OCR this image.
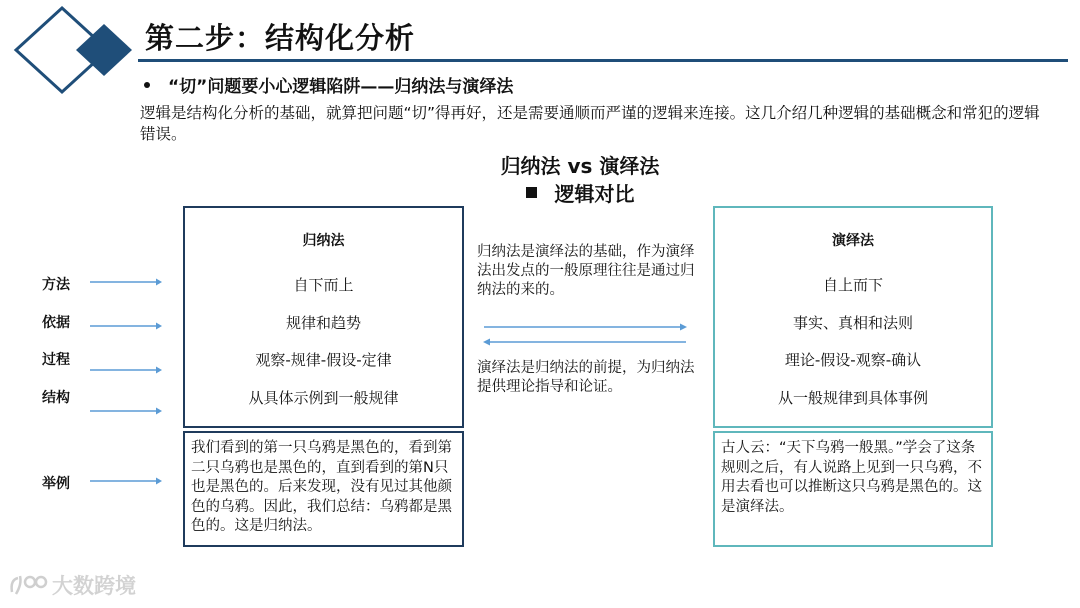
第二步：结构化分析
“切”问题要小心逻辑陷阱——归纳法与演绎法
逻辑是结构化分析的基础，就算把问题“切”得再好，还是需要通顺而严谨的逻辑来连接。这几介绍几种逻辑的基础概念和常犯的逻辑错误。
归纳法 vs 演绎法
逻辑对比
方法
依据
过程
结构
举例
归纳法
自下而上
规律和趋势
观察-规律-假设-定律
从具体示例到一般规律
我们看到的第一只乌鸦是黑色的，看到第二只乌鸦也是黑色的，直到看到的第N只也是黑色的。后来发现，没有见过其他颜色的乌鸦。因此，我们总结：乌鸦都是黑色的。这是归纳法。
归纳法是演绎法的基础，作为演绎法出发点的一般原理往往是通过归纳法的来的。
演绎法是归纳法的前提，为归纳法提供理论指导和论证。
演绎法
自上而下
事实、真相和法则
理论-假设-观察-确认
从一般规律到具体事例
古人云：“天下乌鸦一般黑。”学会了这条规则之后，有人说路上见到一只乌鸦，不用去看也可以推断这只乌鸦是黑色的。这是演绎法。
大数跨境
